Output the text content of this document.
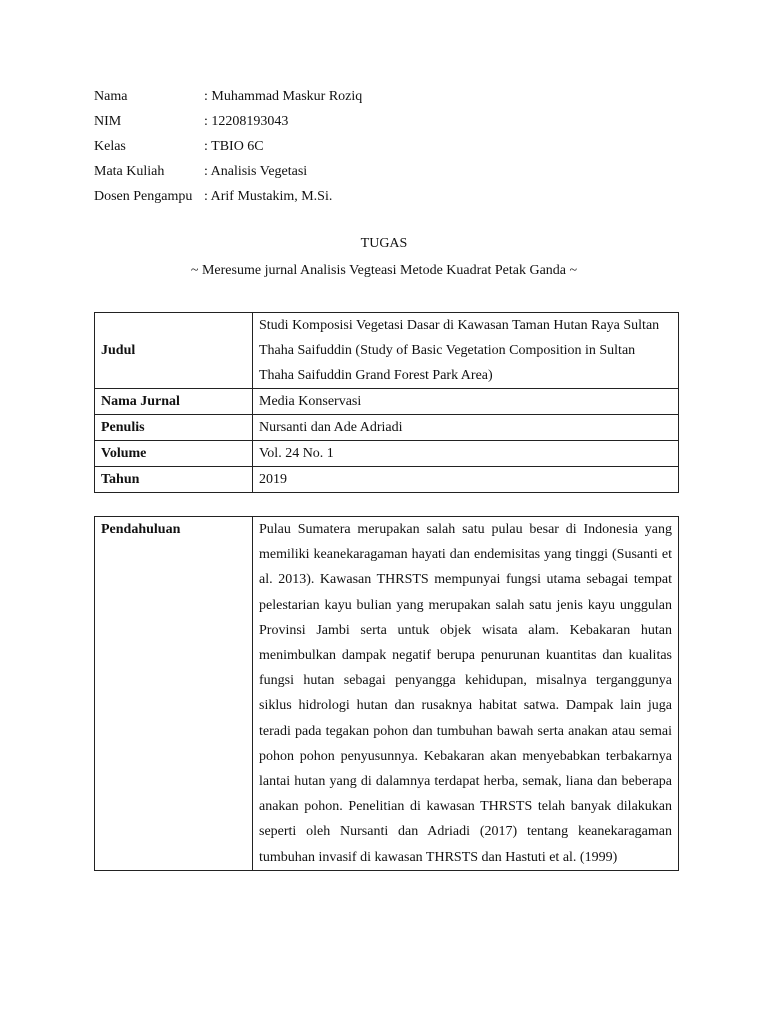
Nama	: Muhammad Maskur Roziq
NIM	: 12208193043
Kelas	: TBIO 6C
Mata Kuliah	: Analisis Vegetasi
Dosen Pengampu : Arif Mustakim, M.Si.
TUGAS
~ Meresume jurnal Analisis Vegteasi Metode Kuadrat Petak Ganda ~
Judul	Studi Komposisi Vegetasi Dasar di Kawasan Taman Hutan Raya Sultan Thaha Saifuddin (Study of Basic Vegetation Composition in Sultan Thaha Saifuddin Grand Forest Park Area)
Nama Jurnal	Media Konservasi
Penulis	Nursanti dan Ade Adriadi
Volume	Vol. 24 No. 1
Tahun	2019
Pendahuluan	Pulau Sumatera merupakan salah satu pulau besar di Indonesia yang memiliki keanekaragaman hayati dan endemisitas yang tinggi (Susanti et al. 2013). Kawasan THRSTS mempunyai fungsi utama sebagai tempat pelestarian kayu bulian yang merupakan salah satu jenis kayu unggulan Provinsi Jambi serta untuk objek wisata alam. Kebakaran hutan menimbulkan dampak negatif berupa penurunan kuantitas dan kualitas fungsi hutan sebagai penyangga kehidupan, misalnya terganggunya siklus hidrologi hutan dan rusaknya habitat satwa. Dampak lain juga teradi pada tegakan pohon dan tumbuhan bawah serta anakan atau semai pohon pohon penyusunnya. Kebakaran akan menyebabkan terbakarnya lantai hutan yang di dalamnya terdapat herba, semak, liana dan beberapa anakan pohon. Penelitian di kawasan THRSTS telah banyak dilakukan seperti oleh Nursanti dan Adriadi (2017) tentang keanekaragaman tumbuhan invasif di kawasan THRSTS dan Hastuti et al. (1999)
